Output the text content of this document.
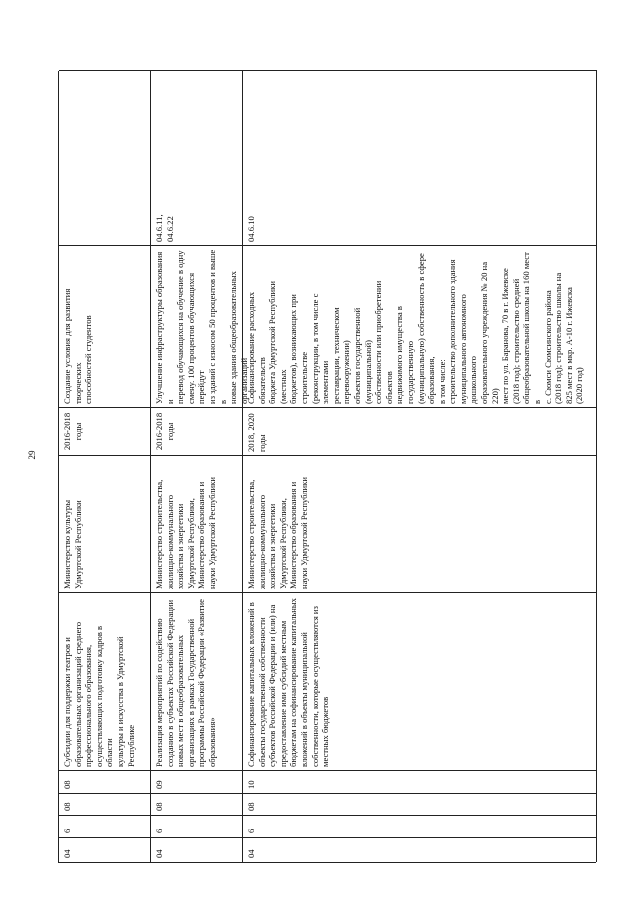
29
04
6
08
08
Субсидии для поддержки театров и
образовательных организаций среднего
профессионального образования,
осуществляющих подготовку кадров в области
культуры и искусства в Удмуртской Республике
Министерство культуры
Удмуртской Республики
2016-2018
годы
Создание условия для развития творческих
способностей студентов
04
6
08
09
Реализация мероприятий по содействию
созданию в субъектах Российской Федерации
новых мест в общеобразовательных
организациях в рамках Государственной
программы Российской Федерации «Развитие
образования»
Министерство строительства,
жилищно-коммунального
хозяйства и энергетики
Удмуртской Республики,
Министерство образования и
науки Удмуртской Республики
2016-2018
годы
Улучшение инфраструктуры образования и
перевод обучающихся на обучение в одну
смену. 100 процентов обучающихся перейдут
из зданий с износом 50 процентов и выше в
новые здания общеобразовательных
организаций
04.6.11,
04.6.22
04
6
08
10
Софинансирование капитальных вложений в
объекты государственной собственности
субъектов Российской Федерации и (или) на
предоставление ими субсидий местным
бюджетам на софинансирование капитальных
вложений в объекты муниципальной
собственности, которые осуществляются из
местных бюджетов
Министерство строительства,
жилищно-коммунального
хозяйства и энергетики
Удмуртской Республики,
Министерство образования и
науки Удмуртской Республики
2018, 2020 годы
Софинансирование расходных обязательств
бюджета Удмуртской Республики (местных
бюджетов), возникающих при строительстве
(реконструкции, в том числе с элементами
реставрации, техническом перевооружении)
объектов государственной (муниципальной)
собственности или приобретении объектов
недвижимого имущества в государственную
(муниципальную) собственность в сфере
образования,
в том числе:
строительство дополнительного здания
муниципального автономного дошкольного
образовательного учреждения № 20 на 220)
мест по ул. Баранова, 70 в г. Ижевске
(2018 год); строительство средней
общеобразовательной школы на 160 мест в
с. Сюмси Сюмсинского района
(2018 год); строительство школы на
825 мест в мкр. А-10 г. Ижевска
(2020 год)
04.6.10
